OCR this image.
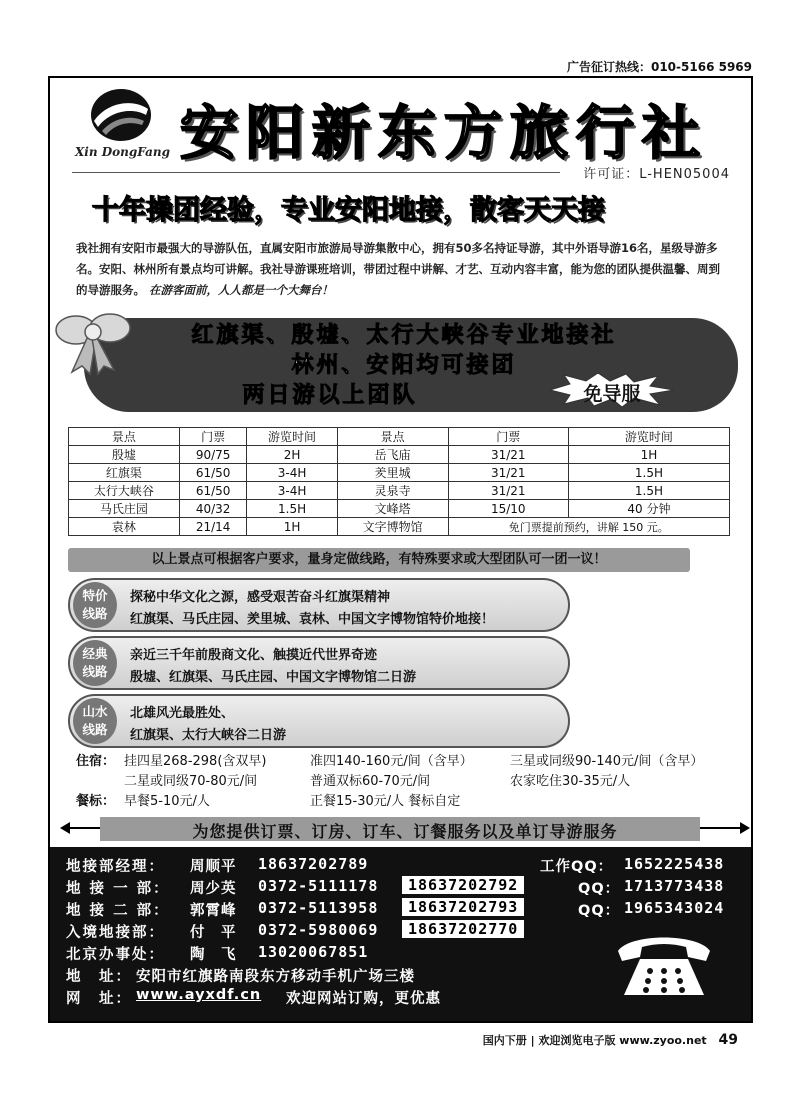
广告征订热线：010-5166 5969
Xin DongFang 安阳新东方旅行社
许可证：L-HEN05004
十年操团经验，专业安阳地接，散客天天接
我社拥有安阳市最强大的导游队伍，直属安阳市旅游局导游集散中心，拥有50多名持证导游，其中外语导游16名，星级导游多名。安阳、林州所有景点均可讲解。我社导游课班培训，带团过程中讲解、才艺、互动内容丰富，能为您的团队提供温馨、周到的导游服务。 在游客面前，人人都是一个大舞台！
红旗渠、殷墟、太行大峡谷专业地接社
林州、安阳均可接团
两日游以上团队	免导服
景点	门票	游览时间	景点	门票	游览时间
殷墟	90/75	2H	岳飞庙	31/21	1H
红旗渠	61/50	3-4H	羑里城	31/21	1.5H
太行大峡谷	61/50	3-4H	灵泉寺	31/21	1.5H
马氏庄园	40/32	1.5H	文峰塔	15/10	40 分钟
袁林	21/14	1H	文字博物馆	免门票提前预约，讲解 150 元。	
以上景点可根据客户要求，量身定做线路，有特殊要求或大型团队可一团一议！
特价
线路
探秘中华文化之源，感受艰苦奋斗红旗渠精神
红旗渠、马氏庄园、羑里城、袁林、中国文字博物馆特价地接！
经典
线路
亲近三千年前殷商文化、触摸近代世界奇迹
殷墟、红旗渠、马氏庄园、中国文字博物馆二日游
山水
线路
北雄风光最胜处、
红旗渠、太行大峡谷二日游
住宿： 挂四星268-298(含双早)	准四140-160元/间（含早）	三星或同级90-140元/间（含早）
二星或同级70-80元/间	普通双标60-70元/间	农家吃住30-35元/人
餐标： 早餐5-10元/人	正餐15-30元/人 餐标自定
为您提供订票、订房、订车、订餐服务以及单订导游服务
地接部经理： 周顺平 18637202789
地 接 一 部： 周少英 0372-5111178	18637202792
地 接 二 部： 郭霄峰 0372-5113958	18637202793
入境地接部： 付　平 0372-5980069	18637202770
北京办事处： 陶　飞 13020067851
工作QQ： 1652225438
QQ： 1713773438
QQ： 1965343024
地　址： 安阳市红旗路南段东方移动手机广场三楼
网　址： www.ayxdf.cn 欢迎网站订购，更优惠
国内下册 | 欢迎浏览电子版 www.zyoo.net 49
